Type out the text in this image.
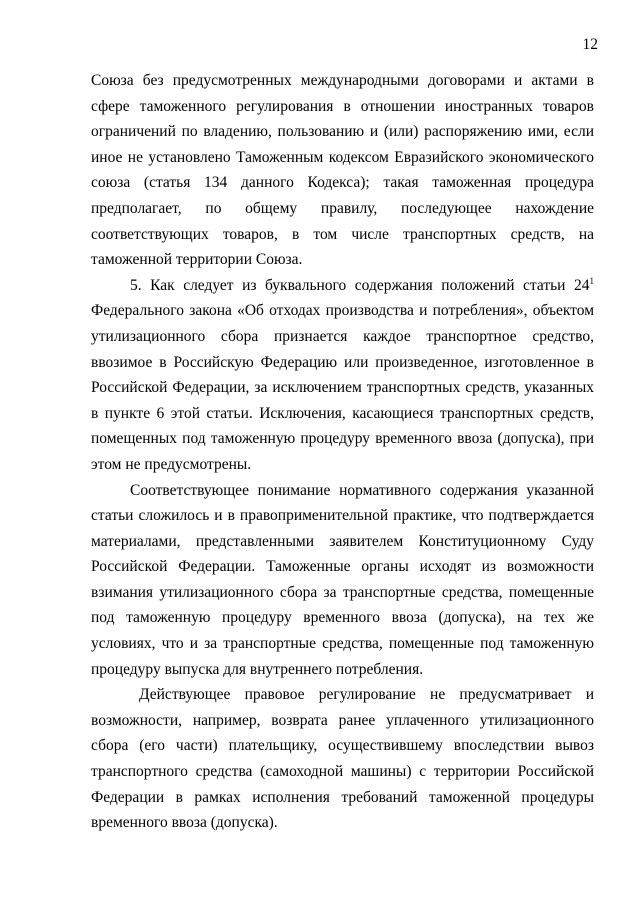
12

Союза без предусмотренных международными договорами и актами в сфере таможенного регулирования в отношении иностранных товаров ограничений по владению, пользованию и (или) распоряжению ими, если иное не установлено Таможенным кодексом Евразийского экономического союза (статья 134 данного Кодекса); такая таможенная процедура предполагает, по общему правилу, последующее нахождение соответствующих товаров, в том числе транспортных средств, на таможенной территории Союза.

5. Как следует из буквального содержания положений статьи 24$^1$ Федерального закона «Об отходах производства и потребления», объектом утилизационного сбора признается каждое транспортное средство, ввозимое в Российскую Федерацию или произведенное, изготовленное в Российской Федерации, за исключением транспортных средств, указанных в пункте 6 этой статьи. Исключения, касающиеся транспортных средств, помещенных под таможенную процедуру временного ввоза (допуска), при этом не предусмотрены.

Соответствующее понимание нормативного содержания указанной статьи сложилось и в правоприменительной практике, что подтверждается материалами, представленными заявителем Конституционному Суду Российской Федерации. Таможенные органы исходят из возможности взимания утилизационного сбора за транспортные средства, помещенные под таможенную процедуру временного ввоза (допуска), на тех же условиях, что и за транспортные средства, помещенные под таможенную процедуру выпуска для внутреннего потребления.

Действующее правовое регулирование не предусматривает и возможности, например, возврата ранее уплаченного утилизационного сбора (его части) плательщику, осуществившему впоследствии вывоз транспортного средства (самоходной машины) с территории Российской Федерации в рамках исполнения требований таможенной процедуры временного ввоза (допуска).
